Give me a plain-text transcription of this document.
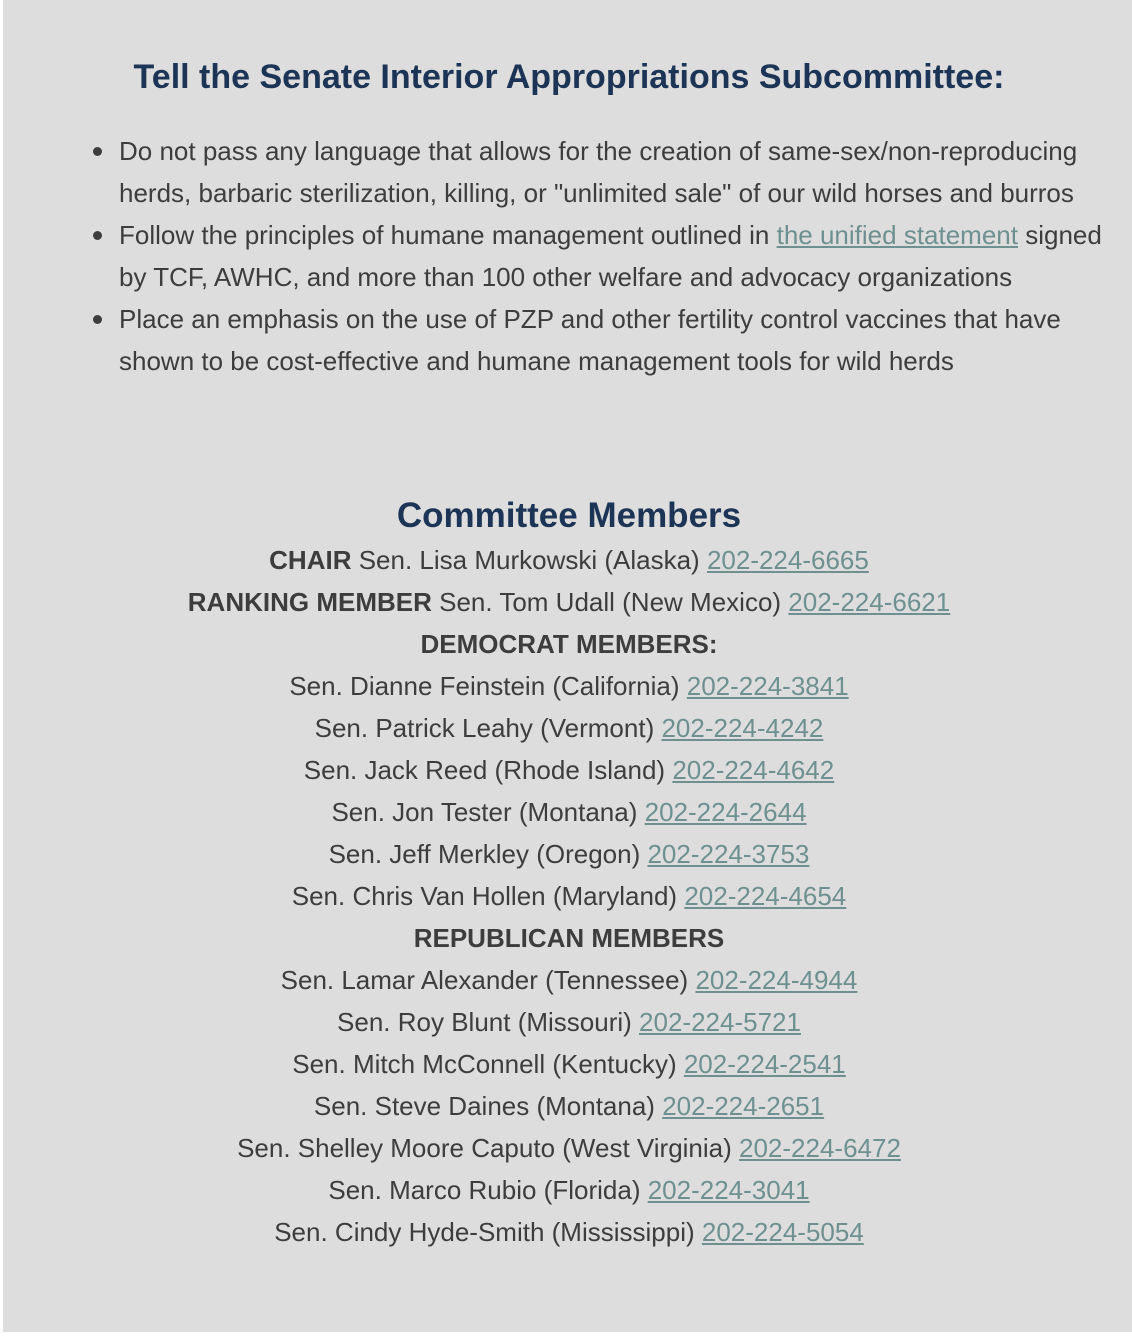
Tell the Senate Interior Appropriations Subcommittee:
Do not pass any language that allows for the creation of same-sex/non-reproducing herds, barbaric sterilization, killing, or "unlimited sale" of our wild horses and burros
Follow the principles of humane management outlined in the unified statement signed by TCF, AWHC, and more than 100 other welfare and advocacy organizations
Place an emphasis on the use of PZP and other fertility control vaccines that have shown to be cost-effective and humane management tools for wild herds
Committee Members
CHAIR Sen. Lisa Murkowski (Alaska) 202-224-6665
RANKING MEMBER Sen. Tom Udall (New Mexico) 202-224-6621
DEMOCRAT MEMBERS:
Sen. Dianne Feinstein (California) 202-224-3841
Sen. Patrick Leahy (Vermont) 202-224-4242
Sen. Jack Reed (Rhode Island) 202-224-4642
Sen. Jon Tester (Montana) 202-224-2644
Sen. Jeff Merkley (Oregon) 202-224-3753
Sen. Chris Van Hollen (Maryland) 202-224-4654
REPUBLICAN MEMBERS
Sen. Lamar Alexander (Tennessee) 202-224-4944
Sen. Roy Blunt (Missouri) 202-224-5721
Sen. Mitch McConnell (Kentucky) 202-224-2541
Sen. Steve Daines (Montana) 202-224-2651
Sen. Shelley Moore Caputo (West Virginia) 202-224-6472
Sen. Marco Rubio (Florida) 202-224-3041
Sen. Cindy Hyde-Smith (Mississippi) 202-224-5054
